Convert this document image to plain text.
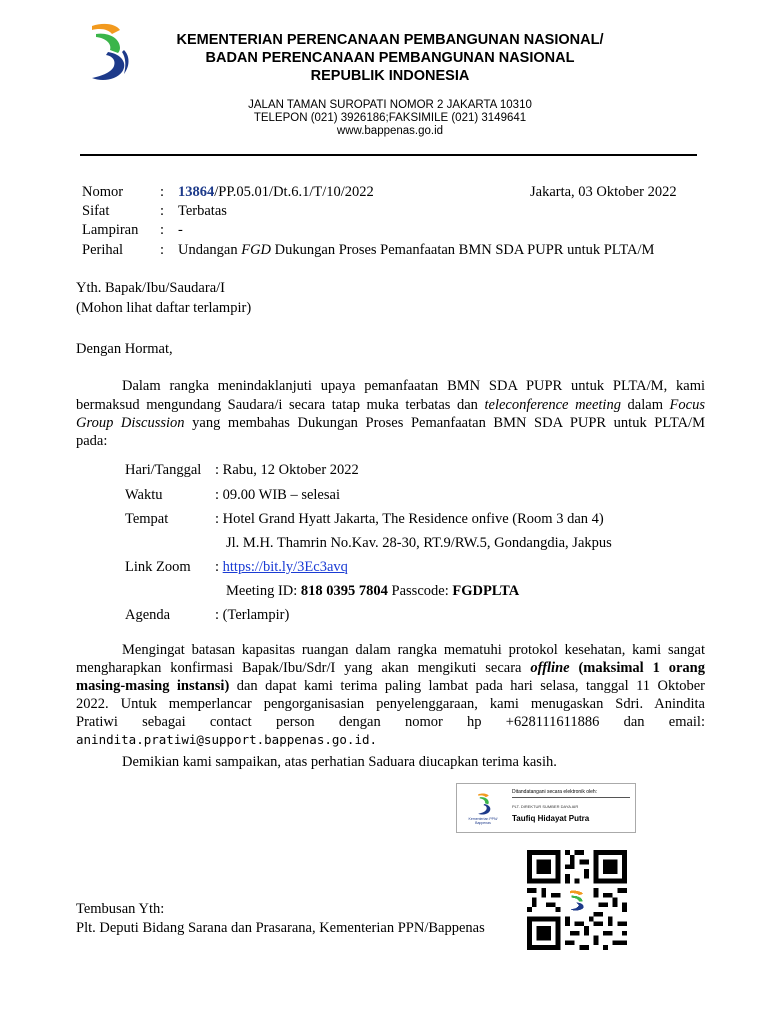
KEMENTERIAN PERENCANAAN PEMBANGUNAN NASIONAL/
BADAN PERENCANAAN PEMBANGUNAN NASIONAL
REPUBLIK INDONESIA
JALAN TAMAN SUROPATI NOMOR 2 JAKARTA 10310
TELEPON (021) 3926186;FAKSIMILE (021) 3149641
www.bappenas.go.id
Nomor	: 13864/PP.05.01/Dt.6.1/T/10/2022	Jakarta, 03 Oktober 2022
Sifat	: Terbatas
Lampiran : -
Perihal	: Undangan FGD Dukungan Proses Pemanfaatan BMN SDA PUPR untuk PLTA/M
Yth. Bapak/Ibu/Saudara/I
(Mohon lihat daftar terlampir)
Dengan Hormat,
Dalam rangka menindaklanjuti upaya pemanfaatan BMN SDA PUPR untuk PLTA/M, kami
bermaksud mengundang Saudara/i secara tatap muka terbatas dan teleconference meeting dalam Focus
Group Discussion yang membahas Dukungan Proses Pemanfaatan BMN SDA PUPR untuk PLTA/M
pada:
Hari/Tanggal : Rabu, 12 Oktober 2022
Waktu	: 09.00 WIB – selesai
Tempat	: Hotel Grand Hyatt Jakarta, The Residence onfive (Room 3 dan 4)
Jl. M.H. Thamrin No.Kav. 28-30, RT.9/RW.5, Gondangdia, Jakpus
Link Zoom : https://bit.ly/3Ec3avq
Meeting ID: 818 0395 7804 Passcode: FGDPLTA
Agenda	: (Terlampir)
Mengingat batasan kapasitas ruangan dalam rangka mematuhi protokol kesehatan, kami sangat
mengharapkan konfirmasi Bapak/Ibu/Sdr/I yang akan mengikuti secara offline (maksimal 1 orang
masing-masing instansi) dan dapat kami terima paling lambat pada hari selasa, tanggal 11 Oktober
2022. Untuk memperlancar pengorganisasian penyelenggaraan, kami menugaskan Sdri. Anindita
Pratiwi sebagai contact person dengan nomor hp +628111611886 dan email:
anindita.pratiwi@support.bappenas.go.id.
Demikian kami sampaikan, atas perhatian Saduara diucapkan terima kasih.
Kementerian PPN/ Bappenas
Ditandatangani secara elektronik oleh:
PLT. DIREKTUR SUMBER DAYA AIR
Taufiq Hidayat Putra
Tembusan Yth:
Plt. Deputi Bidang Sarana dan Prasarana, Kementerian PPN/Bappenas
